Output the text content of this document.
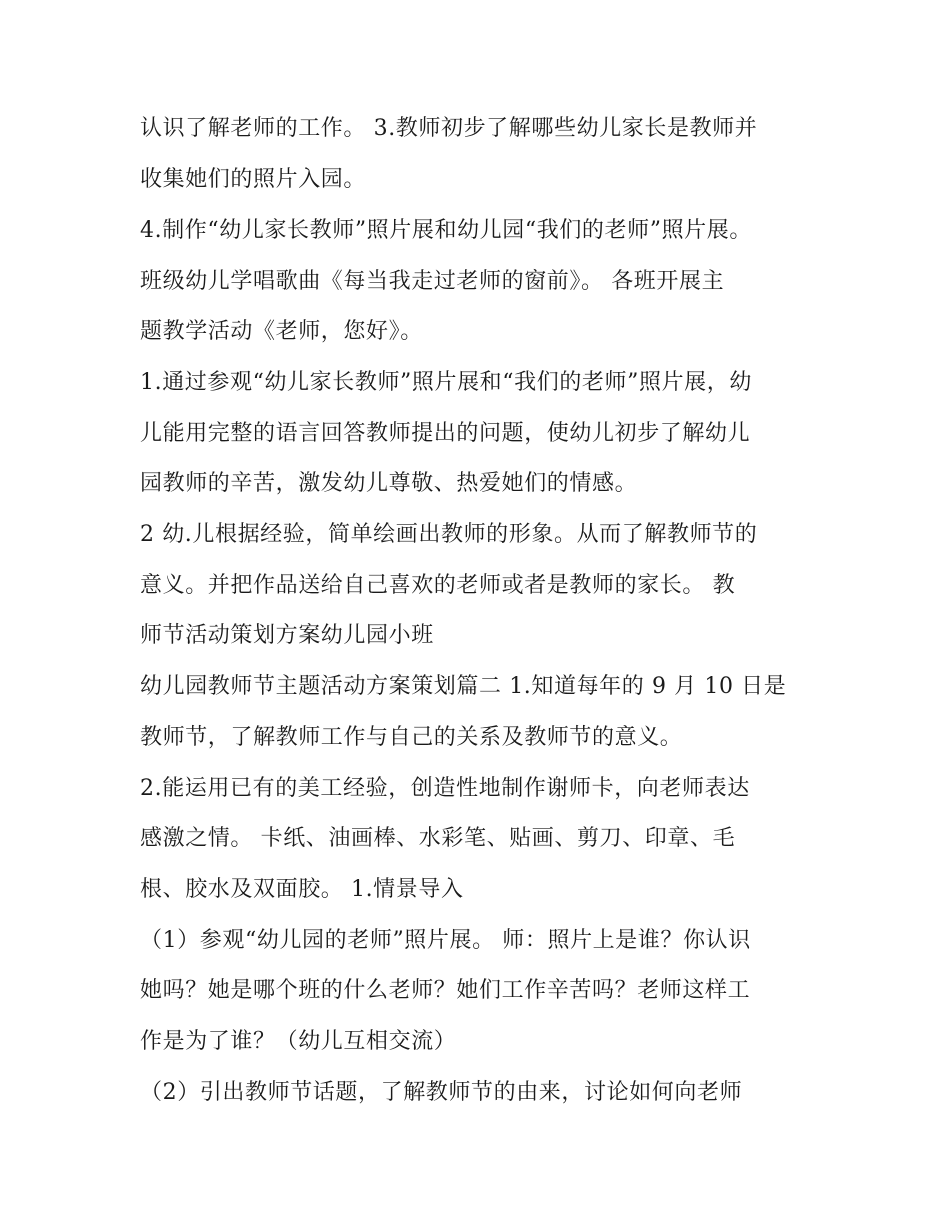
认识了解老师的工作。 3.教师初步了解哪些幼儿家长是教师并
收集她们的照片入园。
4.制作“幼儿家长教师”照片展和幼儿园“我们的老师”照片展。
班级幼儿学唱歌曲《每当我走过老师的窗前》。 各班开展主
题教学活动《老师，您好》。
1.通过参观“幼儿家长教师”照片展和“我们的老师”照片展，幼
儿能用完整的语言回答教师提出的问题，使幼儿初步了解幼儿
园教师的辛苦，激发幼儿尊敬、热爱她们的情感。
2 幼.儿根据经验，简单绘画出教师的形象。从而了解教师节的
意义。并把作品送给自己喜欢的老师或者是教师的家长。 教
师节活动策划方案幼儿园小班
幼儿园教师节主题活动方案策划篇二 1.知道每年的 9 月 10 日是
教师节，了解教师工作与自己的关系及教师节的意义。
2.能运用已有的美工经验，创造性地制作谢师卡，向老师表达
感激之情。 卡纸、油画棒、水彩笔、贴画、剪刀、印章、毛
根、胶水及双面胶。 1.情景导入
（1）参观“幼儿园的老师”照片展。 师：照片上是谁？你认识
她吗？她是哪个班的什么老师？她们工作辛苦吗？老师这样工
作是为了谁？（幼儿互相交流）
（2）引出教师节话题，了解教师节的由来，讨论如何向老师
